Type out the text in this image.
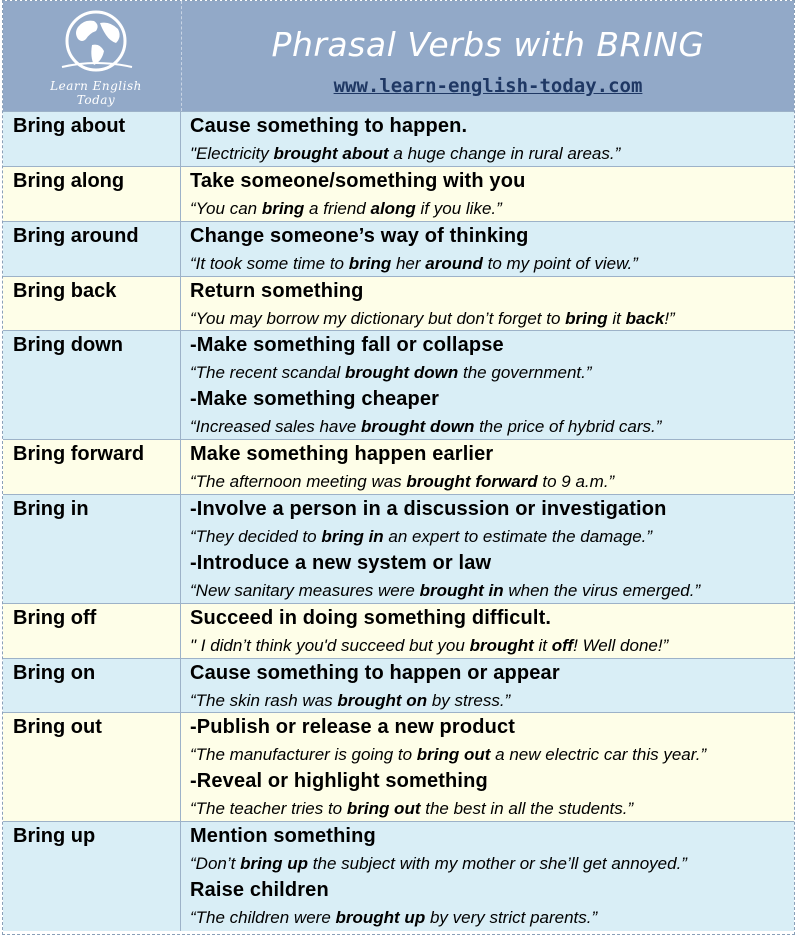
Learn English Today
Phrasal Verbs with BRING
www.learn-english-today.com
Bring about	Cause something to happen.
"Electricity brought about a huge change in rural areas.”
Bring along	Take someone/something with you
“You can bring a friend along if you like.”
Bring around	Change someone’s way of thinking
“It took some time to bring her around to my point of view.”
Bring back	Return something
“You may borrow my dictionary but don’t forget to bring it back!”
Bring down	-Make something fall or collapse
“The recent scandal brought down the government.”
-Make something cheaper
“Increased sales have brought down the price of hybrid cars.”
Bring forward	Make something happen earlier
“The afternoon meeting was brought forward to 9 a.m.”
Bring in	-Involve a person in a discussion or investigation
“They decided to bring in an expert to estimate the damage.”
-Introduce a new system or law
“New sanitary measures were brought in when the virus emerged.”
Bring off	Succeed in doing something difficult.
" I didn’t think you'd succeed but you brought it off! Well done!”
Bring on	Cause something to happen or appear
“The skin rash was brought on by stress.”
Bring out	-Publish or release a new product
“The manufacturer is going to bring out a new electric car this year.”
-Reveal or highlight something
“The teacher tries to bring out the best in all the students.”
Bring up	Mention something
“Don’t bring up the subject with my mother or she’ll get annoyed.”
Raise children
“The children were brought up by very strict parents.”
